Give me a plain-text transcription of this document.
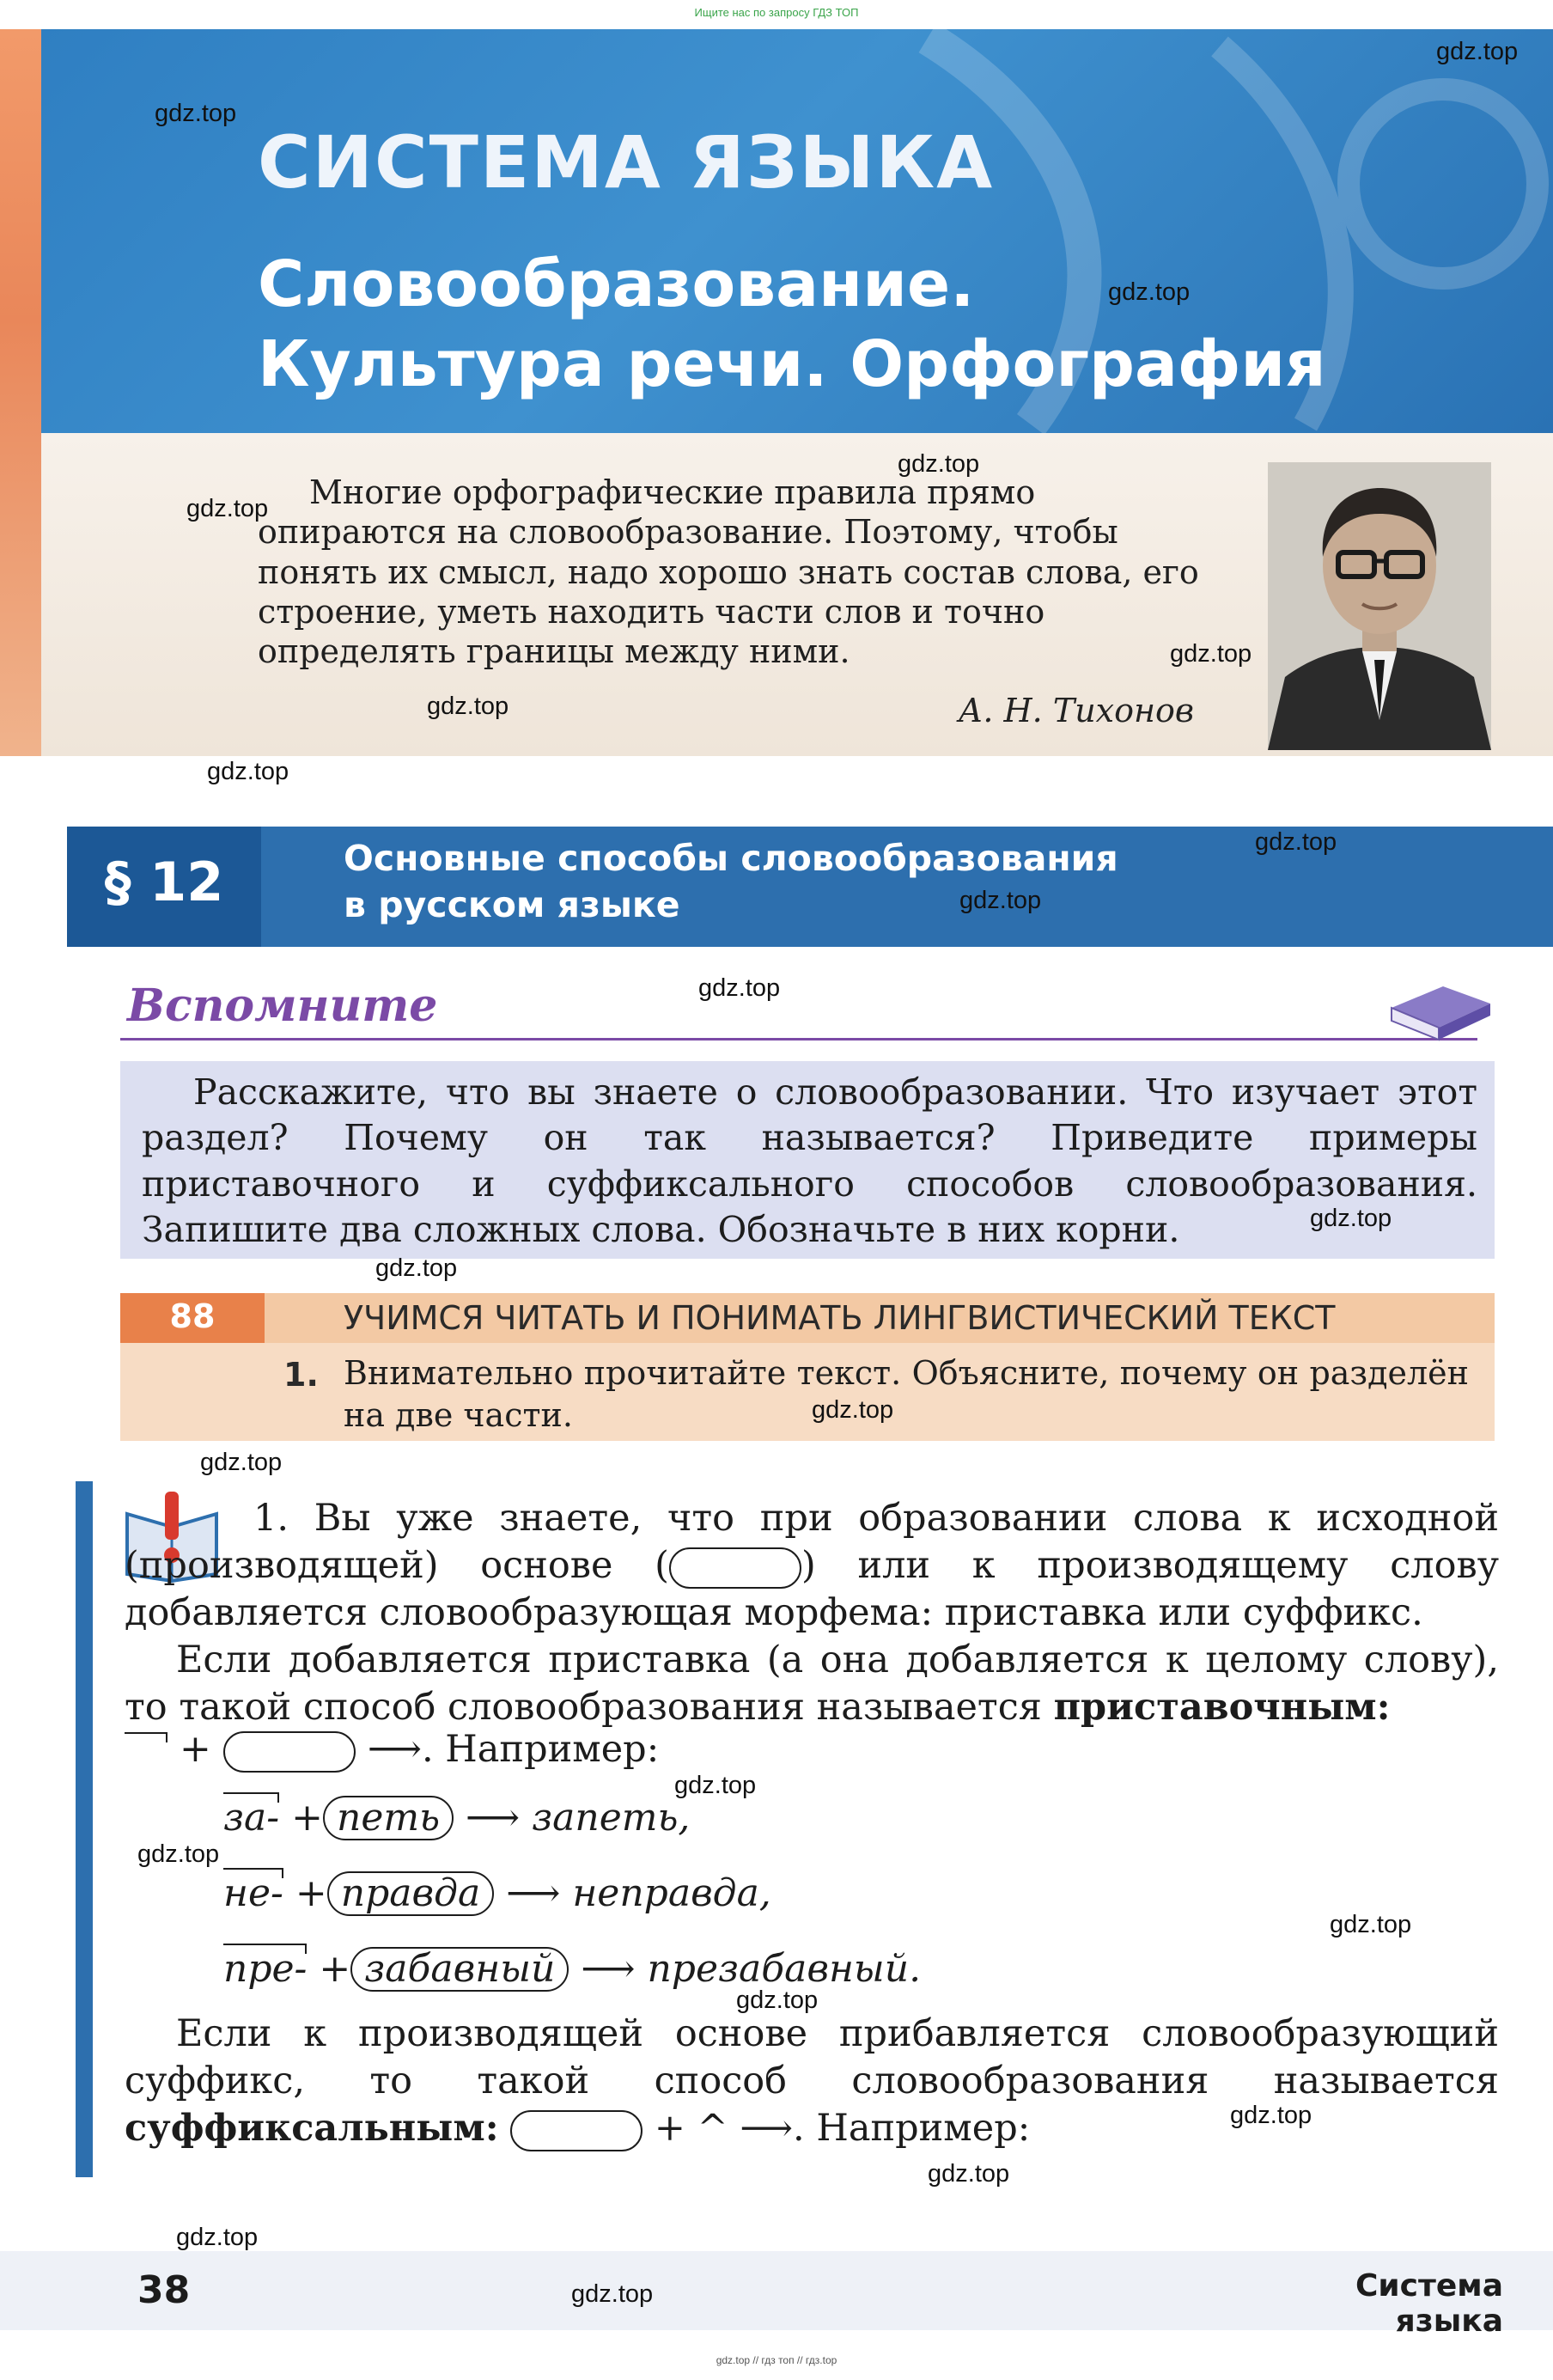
Ищите нас по запросу ГДЗ ТОП
СИСТЕМА ЯЗЫКА
Словообразование.
Культура речи. Орфография
Многие орфографические правила прямо опираются на словообразование. Поэтому, чтобы понять их смысл, надо хорошо знать состав слова, его строение, уметь находить части слов и точно определять границы между ними.
А. Н. Тихонов
§ 12	Основные способы словообразования
в русском языке
Вспомните
Расскажите, что вы знаете о словообразовании. Что изучает этот раздел? Почему он так называется? Приведите примеры приставочного и суффиксального способов словообразования. Запишите два сложных слова. Обозначьте в них корни.
88	УЧИМСЯ ЧИТАТЬ И ПОНИМАТЬ ЛИНГВИСТИЧЕСКИЙ ТЕКСТ
1. Внимательно прочитайте текст. Объясните, почему он разделён на две части.
1. Вы уже знаете, что при образовании слова к исходной (производящей) основе (	) или к производящему слову добавляется словообразующая морфема: приставка или суффикс.
Если добавляется приставка (а она добавляется к целому слову), то такой способ словообразования называется приставочным:
+	⟶. Например:
за- + петь ⟶ запеть,
не- + правда ⟶ неправда,
пре- + забавный ⟶ презабавный.
Если к производящей основе прибавляется словообразующий суффикс, то такой способ словообразования называется суффиксальным:	+ ^ ⟶. Например:
38	Система языка
gdz.top // гдз топ // гдз.top
gdz.top
gdz.top
gdz.top
gdz.top
gdz.top
gdz.top
gdz.top
gdz.top
gdz.top
gdz.top
gdz.top
gdz.top
gdz.top
gdz.top
gdz.top
gdz.top
gdz.top
gdz.top
gdz.top
gdz.top
gdz.top
gdz.top
gdz.top
